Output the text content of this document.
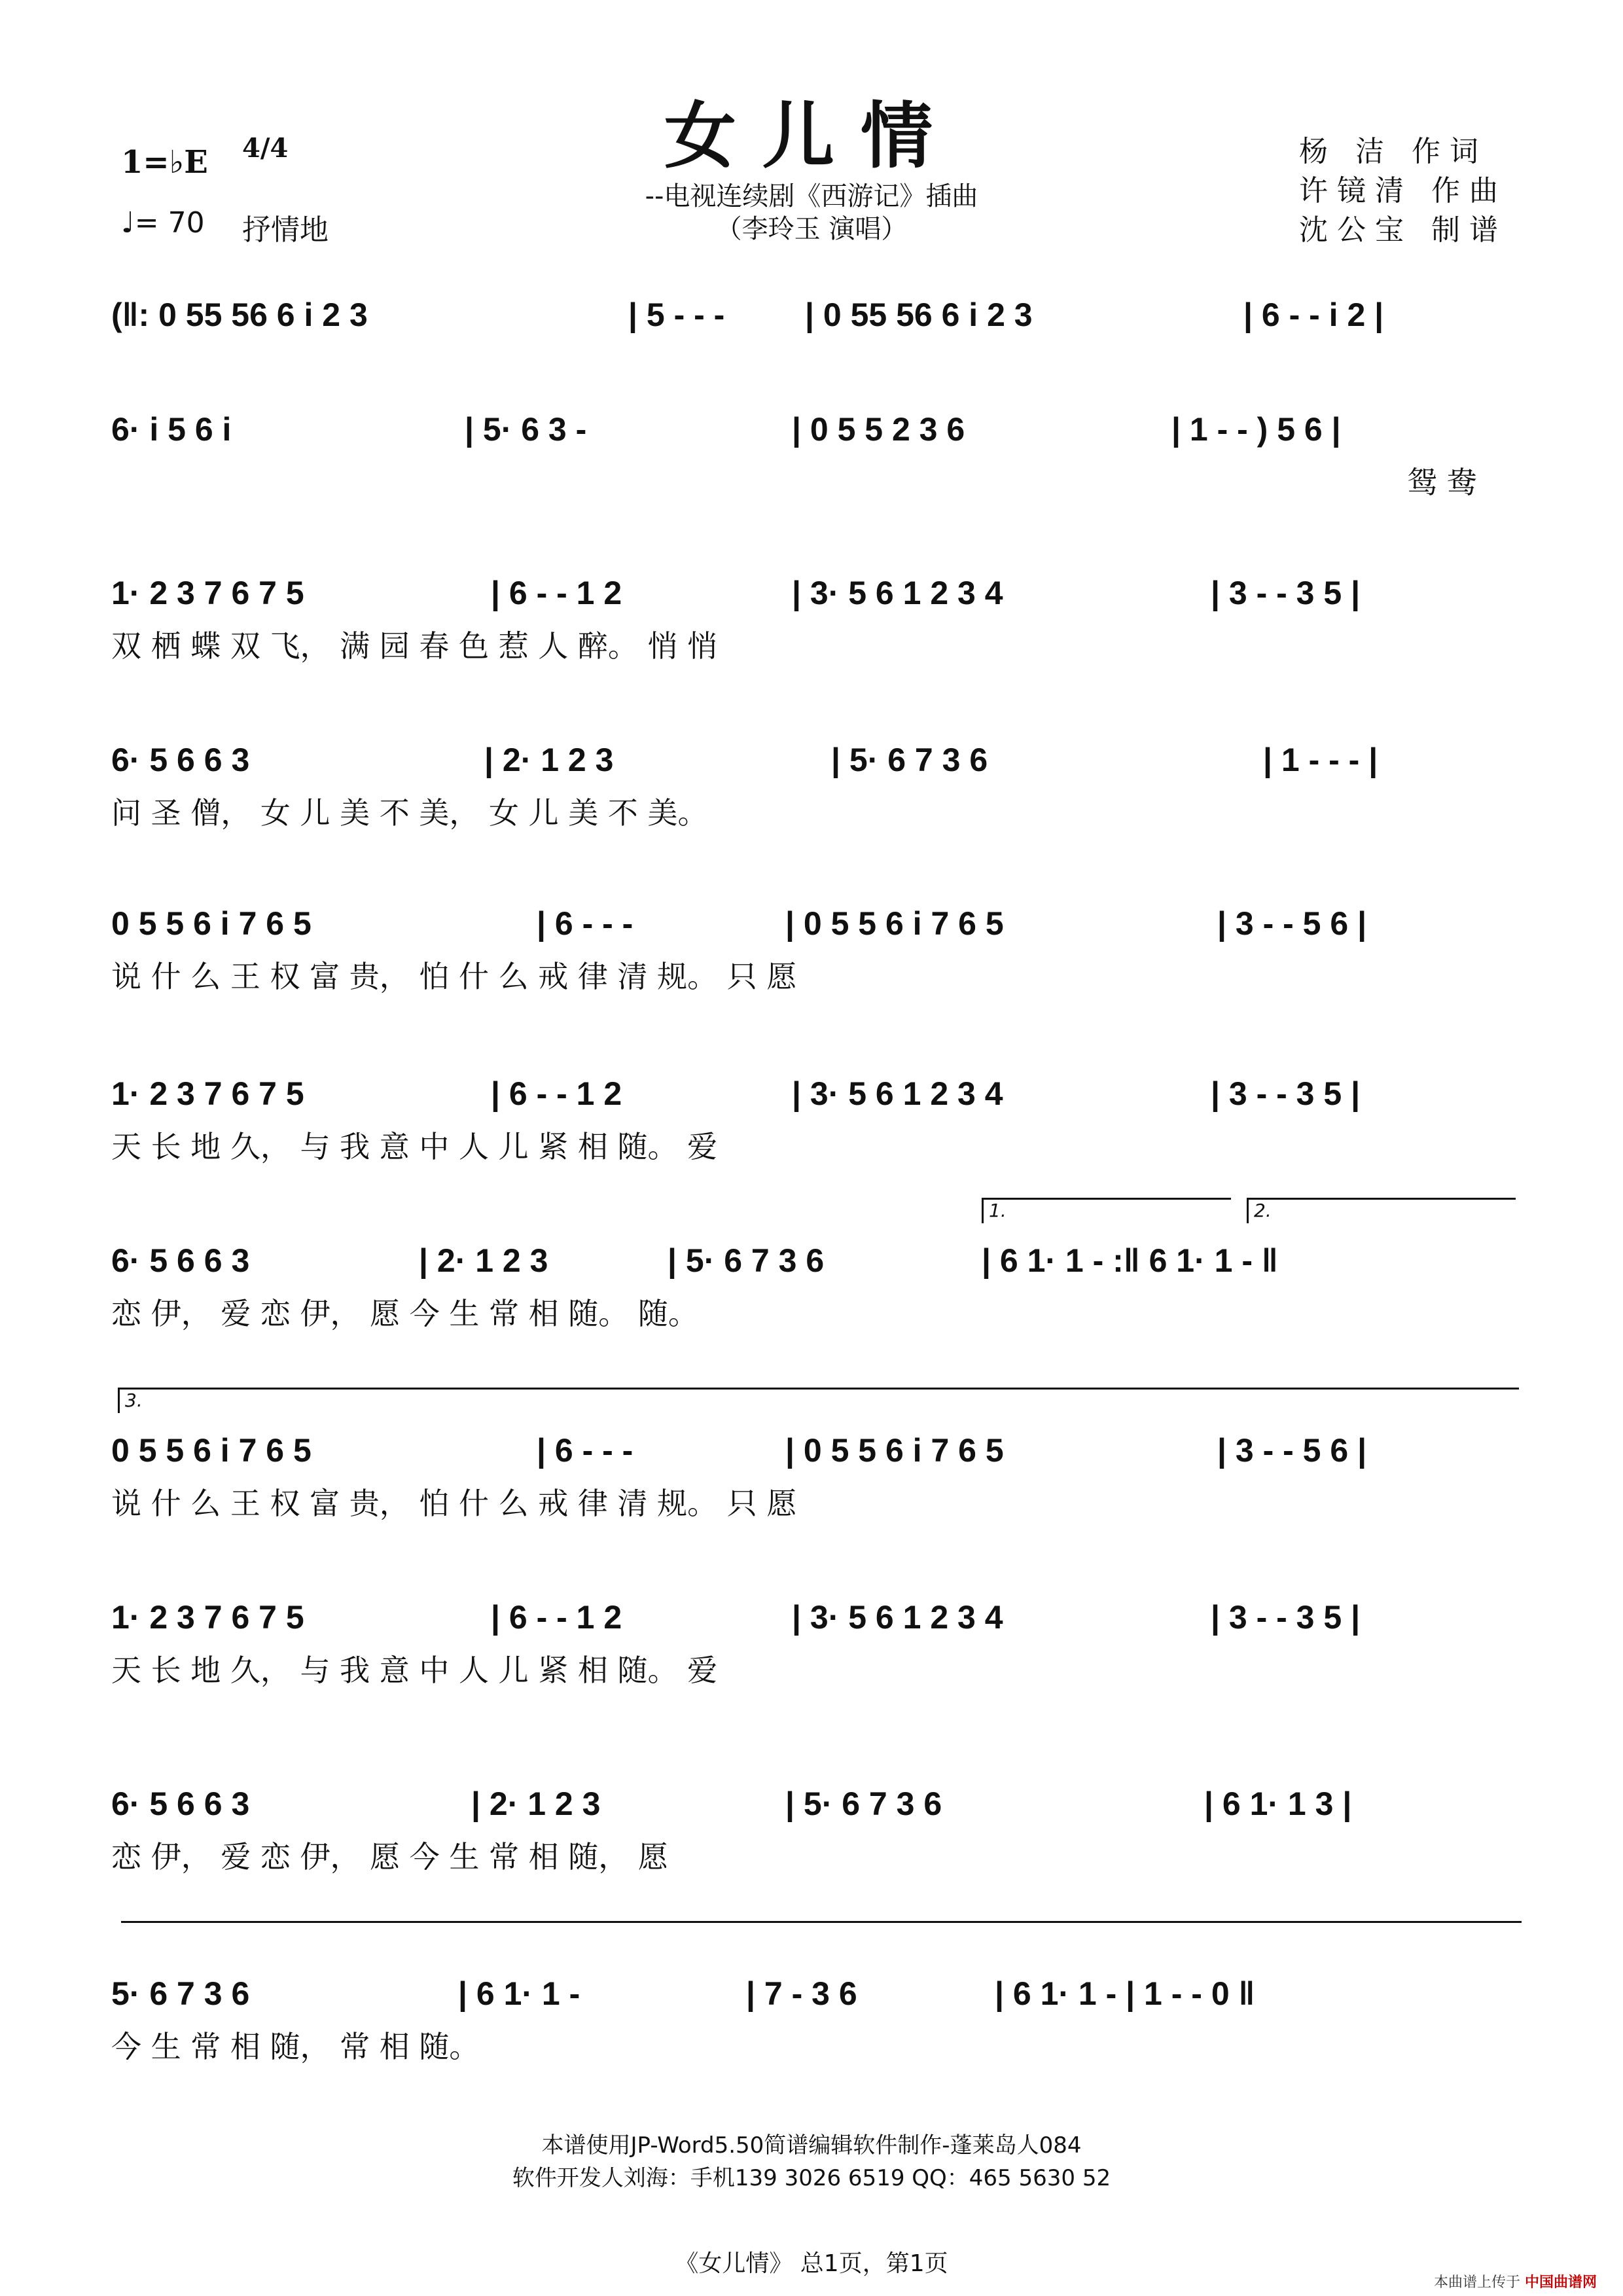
女儿情
--电视连续剧《西游记》插曲
（李玲玉 演唱）
杨 洁 作词
许镜清 作曲
沈公宝 制谱
1=♭E 4/4
♩= 70 抒情地
(‖: 0 55 56 6 i 2 3	| 5 - - - | 0 55 56 6 i 2 3	| 6 - - i 2 |
6· i 5 6 i	| 5· 6 3 -	| 0 5 5 2 3 6	| 1 - - ) 5 6 |
鸳 鸯
1· 2 3 7 6 7 5	| 6 - - 1 2	| 3· 5 6 1 2 3 4	| 3 - - 3 5 |
双 栖 蝶 双 飞， 满 园 春 色 惹 人 醉。 悄 悄
6· 5 6 6 3	| 2· 1 2 3	| 5· 6 7 3 6	| 1 - - - |
问 圣 僧， 女 儿 美 不 美， 女 儿 美 不 美。
0 5 5 6 i 7 6 5	| 6 - - -	| 0 5 5 6 i 7 6 5	| 3 - - 5 6 |
说 什 么 王 权 富 贵， 怕 什 么 戒 律 清 规。 只 愿
1· 2 3 7 6 7 5	| 6 - - 1 2	| 3· 5 6 1 2 3 4	| 3 - - 3 5 |
天 长 地 久， 与 我 意 中 人 儿 紧 相 随。 爱
1.	2.
6· 5 6 6 3	| 2· 1 2 3	| 5· 6 7 3 6	| 6 1· 1 - :‖ 6 1· 1 - ‖
恋 伊， 爱 恋 伊， 愿 今 生 常 相 随。 随。
3.
0 5 5 6 i 7 6 5	| 6 - - -	| 0 5 5 6 i 7 6 5	| 3 - - 5 6 |
说 什 么 王 权 富 贵， 怕 什 么 戒 律 清 规。 只 愿
1· 2 3 7 6 7 5	| 6 - - 1 2	| 3· 5 6 1 2 3 4	| 3 - - 3 5 |
天 长 地 久， 与 我 意 中 人 儿 紧 相 随。 爱
6· 5 6 6 3	| 2· 1 2 3	| 5· 6 7 3 6	| 6 1· 1 3 |
恋 伊， 爱 恋 伊， 愿 今 生 常 相 随， 愿
5· 6 7 3 6	| 6 1· 1 -	| 7 - 3 6	| 6 1· 1 - | 1 - - 0 ‖
今 生 常 相 随， 常 相 随。
本谱使用JP-Word5.50简谱编辑软件制作-蓬莱岛人084
软件开发人刘海：手机139 3026 6519 QQ：465 5630 52
《女儿情》 总1页，第1页
本曲谱上传于 中国曲谱网
